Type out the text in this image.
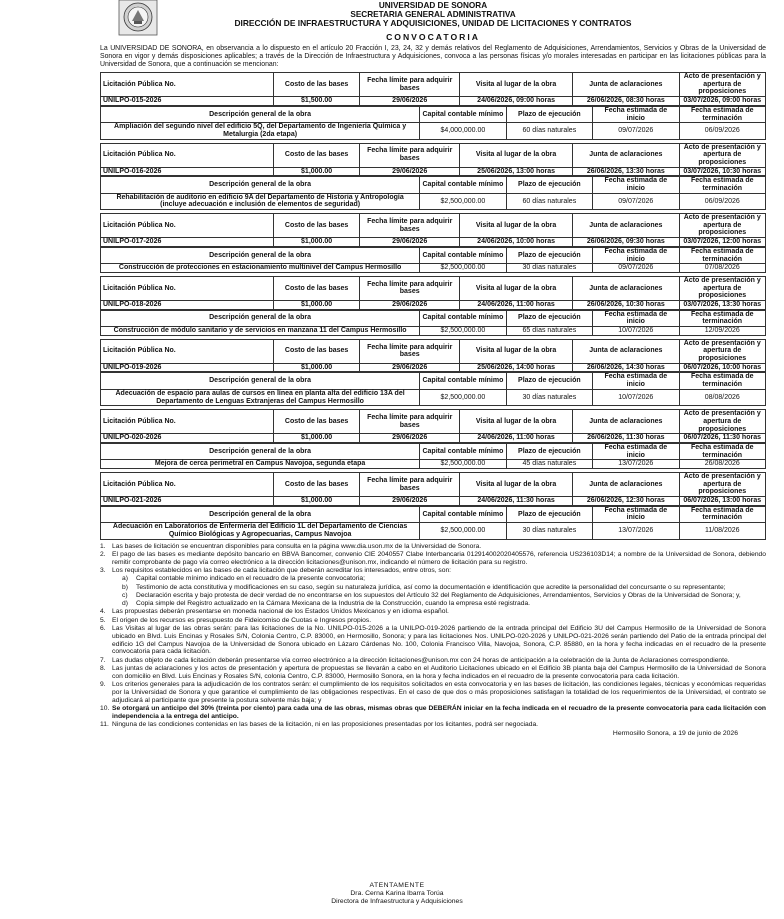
UNIVERSIDAD DE SONORA
SECRETARIA GENERAL ADMINISTRATIVA
DIRECCIÓN DE INFRAESTRUCTURA Y ADQUISICIONES, UNIDAD DE LICITACIONES Y CONTRATOS
CONVOCATORIA
La UNIVERSIDAD DE SONORA, en observancia a lo dispuesto en el artículo 20 Fracción I, 23, 24, 32 y demás relativos del Reglamento de Adquisiciones, Arrendamientos, Servicios y Obras de la Universidad de Sonora en vigor y demás disposiciones aplicables; a través de la Dirección de Infraestructura y Adquisiciones, convoca a las personas físicas y/o morales interesadas en participar en las licitaciones públicas para la Universidad de Sonora, que a continuación se mencionan:
Licitación Pública No.	Costo de las bases	Fecha límite para adquirir bases	Visita al lugar de la obra	Junta de aclaraciones	Acto de presentación y apertura de proposiciones
UNILPO-015-2026	$1,500.00	29/06/2026	24/06/2026, 09:00 horas	26/06/2026, 08:30 horas	03/07/2026, 09:00 horas
Descripción general de la obra	Capital contable mínimo	Plazo de ejecución	Fecha estimada de inicio	Fecha estimada de terminación
Ampliación del segundo nivel del edificio 5Q, del Departamento de Ingeniería Química y Metalurgia (2da etapa)	$4,000,000.00	60 días naturales	09/07/2026	06/09/2026
Licitación Pública No.	Costo de las bases	Fecha límite para adquirir bases	Visita al lugar de la obra	Junta de aclaraciones	Acto de presentación y apertura de proposiciones
UNILPO-016-2026	$1,000.00	29/06/2026	25/06/2026, 13:00 horas	26/06/2026, 13:30 horas	03/07/2026, 10:30 horas
Descripción general de la obra	Capital contable mínimo	Plazo de ejecución	Fecha estimada de inicio	Fecha estimada de terminación
Rehabilitación de auditorio en edificio 9A del Departamento de Historia y Antropología (incluye adecuación e inclusión de elementos de seguridad)	$2,500,000.00	60 días naturales	09/07/2026	06/09/2026
Licitación Pública No.	Costo de las bases	Fecha límite para adquirir bases	Visita al lugar de la obra	Junta de aclaraciones	Acto de presentación y apertura de proposiciones
UNILPO-017-2026	$1,000.00	29/06/2026	24/06/2026, 10:00 horas	26/06/2026, 09:30 horas	03/07/2026, 12:00 horas
Descripción general de la obra	Capital contable mínimo	Plazo de ejecución	Fecha estimada de inicio	Fecha estimada de terminación
Construcción de protecciones en estacionamiento multinivel del Campus Hermosillo	$2,500,000.00	30 días naturales	09/07/2026	07/08/2026
Licitación Pública No.	Costo de las bases	Fecha límite para adquirir bases	Visita al lugar de la obra	Junta de aclaraciones	Acto de presentación y apertura de proposiciones
UNILPO-018-2026	$1,000.00	29/06/2026	24/06/2026, 11:00 horas	26/06/2026, 10:30 horas	03/07/2026, 13:30 horas
Descripción general de la obra	Capital contable mínimo	Plazo de ejecución	Fecha estimada de inicio	Fecha estimada de terminación
Construcción de módulo sanitario y de servicios en manzana 11 del Campus Hermosillo	$2,500,000.00	65 días naturales	10/07/2026	12/09/2026
Licitación Pública No.	Costo de las bases	Fecha límite para adquirir bases	Visita al lugar de la obra	Junta de aclaraciones	Acto de presentación y apertura de proposiciones
UNILPO-019-2026	$1,000.00	29/06/2026	25/06/2026, 14:00 horas	26/06/2026, 14:30 horas	06/07/2026, 10:00 horas
Descripción general de la obra	Capital contable mínimo	Plazo de ejecución	Fecha estimada de inicio	Fecha estimada de terminación
Adecuación de espacio para aulas de cursos en línea en planta alta del edificio 13A del Departamento de Lenguas Extranjeras del Campus Hermosillo	$2,500,000.00	30 días naturales	10/07/2026	08/08/2026
Licitación Pública No.	Costo de las bases	Fecha límite para adquirir bases	Visita al lugar de la obra	Junta de aclaraciones	Acto de presentación y apertura de proposiciones
UNILPO-020-2026	$1,000.00	29/06/2026	24/06/2026, 11:00 horas	26/06/2026, 11:30 horas	06/07/2026, 11:30 horas
Descripción general de la obra	Capital contable mínimo	Plazo de ejecución	Fecha estimada de inicio	Fecha estimada de terminación
Mejora de cerca perimetral en Campus Navojoa, segunda etapa	$2,500,000.00	45 días naturales	13/07/2026	26/08/2026
Licitación Pública No.	Costo de las bases	Fecha límite para adquirir bases	Visita al lugar de la obra	Junta de aclaraciones	Acto de presentación y apertura de proposiciones
UNILPO-021-2026	$1,000.00	29/06/2026	24/06/2026, 11:30 horas	26/06/2026, 12:30 horas	06/07/2026, 13:00 horas
Descripción general de la obra	Capital contable mínimo	Plazo de ejecución	Fecha estimada de inicio	Fecha estimada de terminación
Adecuación en Laboratorios de Enfermería del Edificio 1L del Departamento de Ciencias Químico Biológicas y Agropecuarias, Campus Navojoa	$2,500,000.00	30 días naturales	13/07/2026	11/08/2026
1. Las bases de licitación se encuentran disponibles para consulta en la página www.dia.uson.mx de la Universidad de Sonora.
2. El pago de las bases es mediante depósito bancario en BBVA Bancomer, convenio CIE 2040557 Clabe Interbancaria 012914002020405576, referencia US236103D14; a nombre de la Universidad de Sonora, debiendo remitir comprobante de pago vía correo electrónico a la dirección licitaciones@unison.mx, indicando el número de licitación para su registro.
3. Los requisitos establecidos en las bases de cada licitación que deberán acreditar los interesados, entre otros, son:
a)	Capital contable mínimo indicado en el recuadro de la presente convocatoria;
b)	Testimonio de acta constitutiva y modificaciones en su caso, según su naturaleza jurídica, así como la documentación e identificación que acredite la personalidad del concursante o su representante;
c)	Declaración escrita y bajo protesta de decir verdad de no encontrarse en los supuestos del Artículo 32 del Reglamento de Adquisiciones, Arrendamientos, Servicios y Obras de la Universidad de Sonora; y,
d)	Copia simple del Registro actualizado en la Cámara Mexicana de la Industria de la Construcción, cuando la empresa esté registrada.
4. Las propuestas deberán presentarse en moneda nacional de los Estados Unidos Mexicanos y en idioma español.
5. El origen de los recursos es presupuesto de Fideicomiso de Cuotas e Ingresos propios.
6. Las Visitas al lugar de las obras serán: para las licitaciones de la No. UNILPO-015-2026 a la UNILPO-019-2026 partiendo de la entrada principal del Edificio 3U del Campus Hermosillo de la Universidad de Sonora ubicado en Blvd. Luis Encinas y Rosales S/N, Colonia Centro, C.P. 83000, en Hermosillo, Sonora; y para las licitaciones Nos. UNILPO-020-2026 y UNILPO-021-2026 serán partiendo del Patio de la entrada principal del edificio 1G del Campus Navojoa de la Universidad de Sonora ubicado en Lázaro Cárdenas No. 100, Colonia Francisco Villa, Navojoa, Sonora, C.P. 85880, en la hora y fecha indicadas en el recuadro de la presente convocatoria para cada licitación.
7. Las dudas objeto de cada licitación deberán presentarse vía correo electrónico a la dirección licitaciones@unison.mx con 24 horas de anticipación a la celebración de la Junta de Aclaraciones correspondiente.
8. Las juntas de aclaraciones y los actos de presentación y apertura de propuestas se llevarán a cabo en el Auditorio Licitaciones ubicado en el Edificio 3B planta baja del Campus Hermosillo de la Universidad de Sonora con domicilio en Blvd. Luis Encinas y Rosales S/N, colonia Centro, C.P. 83000, Hermosillo Sonora, en la hora y fecha indicados en el recuadro de la presente convocatoria para cada licitación.
9. Los criterios generales para la adjudicación de los contratos serán: el cumplimiento de los requisitos solicitados en esta convocatoria y en las bases de licitación, las condiciones legales, técnicas y económicas requeridas por la Universidad de Sonora y que garantice el cumplimiento de las obligaciones respectivas. En el caso de que dos o más proposiciones satisfagan la totalidad de los requerimientos de la Universidad, el contrato se adjudicará al participante que presente la postura solvente más baja; y
10. Se otorgará un anticipo del 30% (treinta por ciento) para cada una de las obras, mismas obras que DEBERÁN iniciar en la fecha indicada en el recuadro de la presente convocatoria para cada licitación con independencia a la entrega del anticipo.
11. Ninguna de las condiciones contenidas en las bases de la licitación, ni en las proposiciones presentadas por los licitantes, podrá ser negociada.
Hermosillo Sonora, a 19 de junio de 2026
ATENTAMENTE
Dra. Cerna Karina Ibarra Torúa
Directora de Infraestructura y Adquisiciones
